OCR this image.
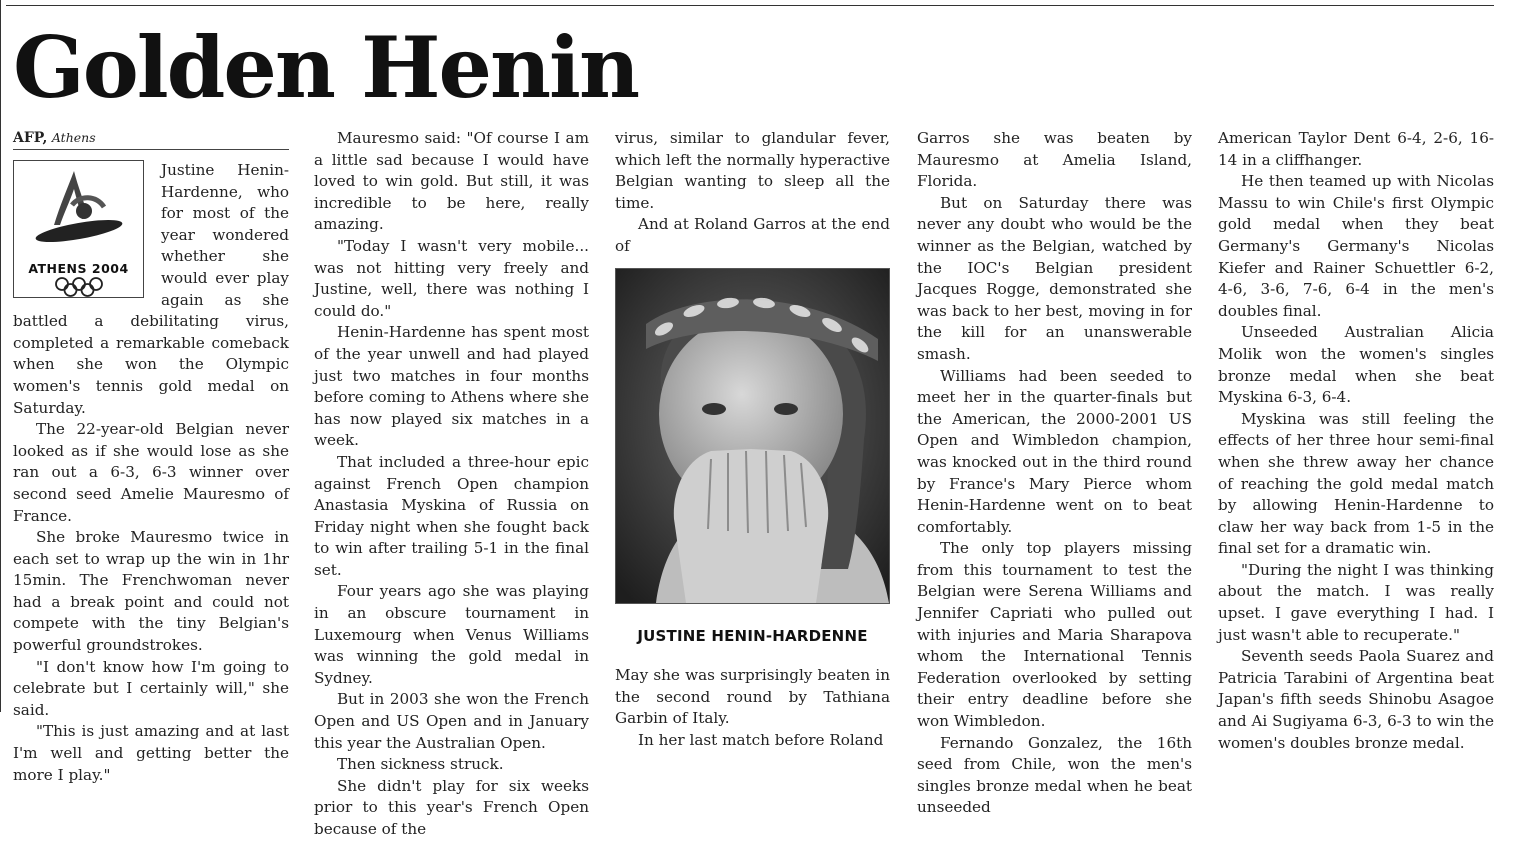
Golden Henin
AFP, Athens
ATHENS 2004

Justine Henin-Hardenne, who for most of the year wondered whether she would ever play again as she battled a debilitating virus, completed a remarkable comeback when she won the Olympic women's tennis gold medal on Saturday.

The 22-year-old Belgian never looked as if she would lose as she ran out a 6-3, 6-3 winner over second seed Amelie Mauresmo of France.

She broke Mauresmo twice in each set to wrap up the win in 1hr 15min. The Frenchwoman never had a break point and could not compete with the tiny Belgian's powerful groundstrokes.

"I don't know how I'm going to celebrate but I certainly will," she said.

"This is just amazing and at last I'm well and getting better the more I play."

Mauresmo said: "Of course I am a little sad because I would have loved to win gold. But still, it was incredible to be here, really amazing.

"Today I wasn't very mobile... was not hitting very freely and Justine, well, there was nothing I could do."

Henin-Hardenne has spent most of the year unwell and had played just two matches in four months before coming to Athens where she has now played six matches in a week.

That included a three-hour epic against French Open champion Anastasia Myskina of Russia on Friday night when she fought back to win after trailing 5-1 in the final set.

Four years ago she was playing in an obscure tournament in Luxemourg when Venus Williams was winning the gold medal in Sydney.

But in 2003 she won the French Open and US Open and in January this year the Australian Open.

Then sickness struck.

She didn't play for six weeks prior to this year's French Open because of the

virus, similar to glandular fever, which left the normally hyperactive Belgian wanting to sleep all the time.

And at Roland Garros at the end of

JUSTINE HENIN-HARDENNE

May she was surprisingly beaten in the second round by Tathiana Garbin of Italy.

In her last match before Roland

Garros she was beaten by Mauresmo at Amelia Island, Florida.

But on Saturday there was never any doubt who would be the winner as the Belgian, watched by the IOC's Belgian president Jacques Rogge, demonstrated she was back to her best, moving in for the kill for an unanswerable smash.

Williams had been seeded to meet her in the quarter-finals but the American, the 2000-2001 US Open and Wimbledon champion, was knocked out in the third round by France's Mary Pierce whom Henin-Hardenne went on to beat comfortably.

The only top players missing from this tournament to test the Belgian were Serena Williams and Jennifer Capriati who pulled out with injuries and Maria Sharapova whom the International Tennis Federation overlooked by setting their entry deadline before she won Wimbledon.

Fernando Gonzalez, the 16th seed from Chile, won the men's singles bronze medal when he beat unseeded

American Taylor Dent 6-4, 2-6, 16-14 in a cliffhanger.

He then teamed up with Nicolas Massu to win Chile's first Olympic gold medal when they beat Germany's Germany's Nicolas Kiefer and Rainer Schuettler 6-2, 4-6, 3-6, 7-6, 6-4 in the men's doubles final.

Unseeded Australian Alicia Molik won the women's singles bronze medal when she beat Myskina 6-3, 6-4.

Myskina was still feeling the effects of her three hour semi-final when she threw away her chance of reaching the gold medal match by allowing Henin-Hardenne to claw her way back from 1-5 in the final set for a dramatic win.

"During the night I was thinking about the match. I was really upset. I gave everything I had. I just wasn't able to recuperate."

Seventh seeds Paola Suarez and Patricia Tarabini of Argentina beat Japan's fifth seeds Shinobu Asagoe and Ai Sugiyama 6-3, 6-3 to win the women's doubles bronze medal.
